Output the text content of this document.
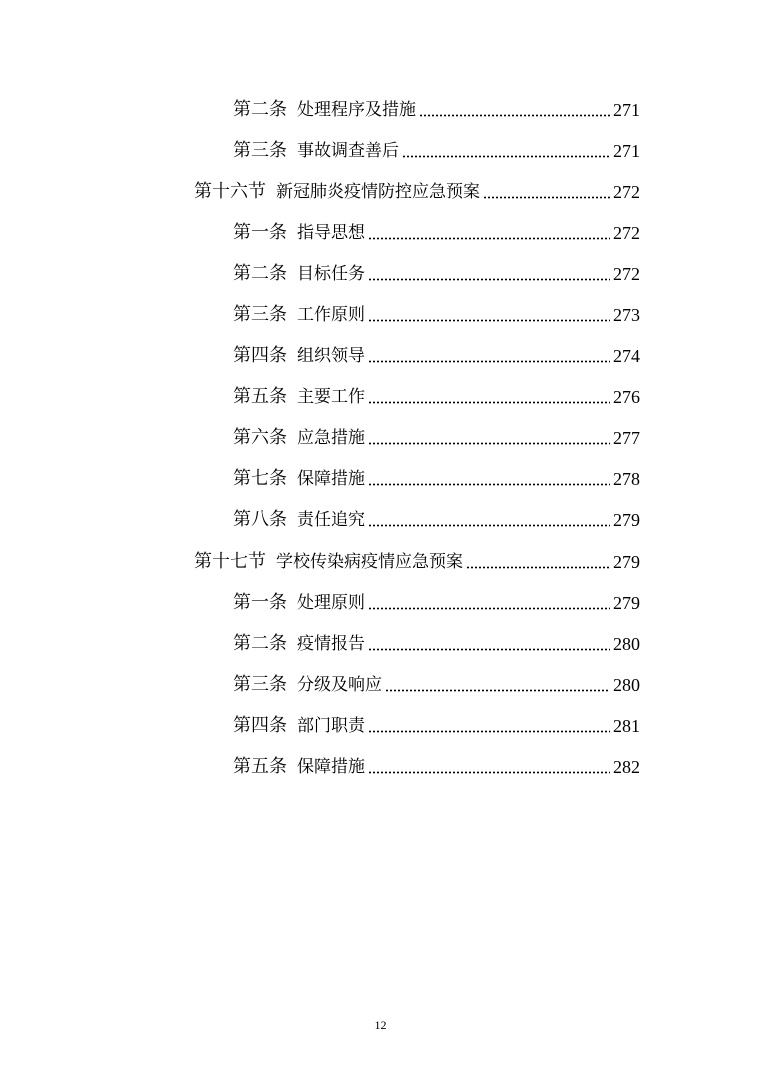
第二条 处理程序及措施	271
第三条 事故调查善后	271
第十六节 新冠肺炎疫情防控应急预案	272
第一条 指导思想	272
第二条 目标任务	272
第三条 工作原则	273
第四条 组织领导	274
第五条 主要工作	276
第六条 应急措施	277
第七条 保障措施	278
第八条 责任追究	279
第十七节 学校传染病疫情应急预案	279
第一条 处理原则	279
第二条 疫情报告	280
第三条 分级及响应	280
第四条 部门职责	281
第五条 保障措施	282
12
